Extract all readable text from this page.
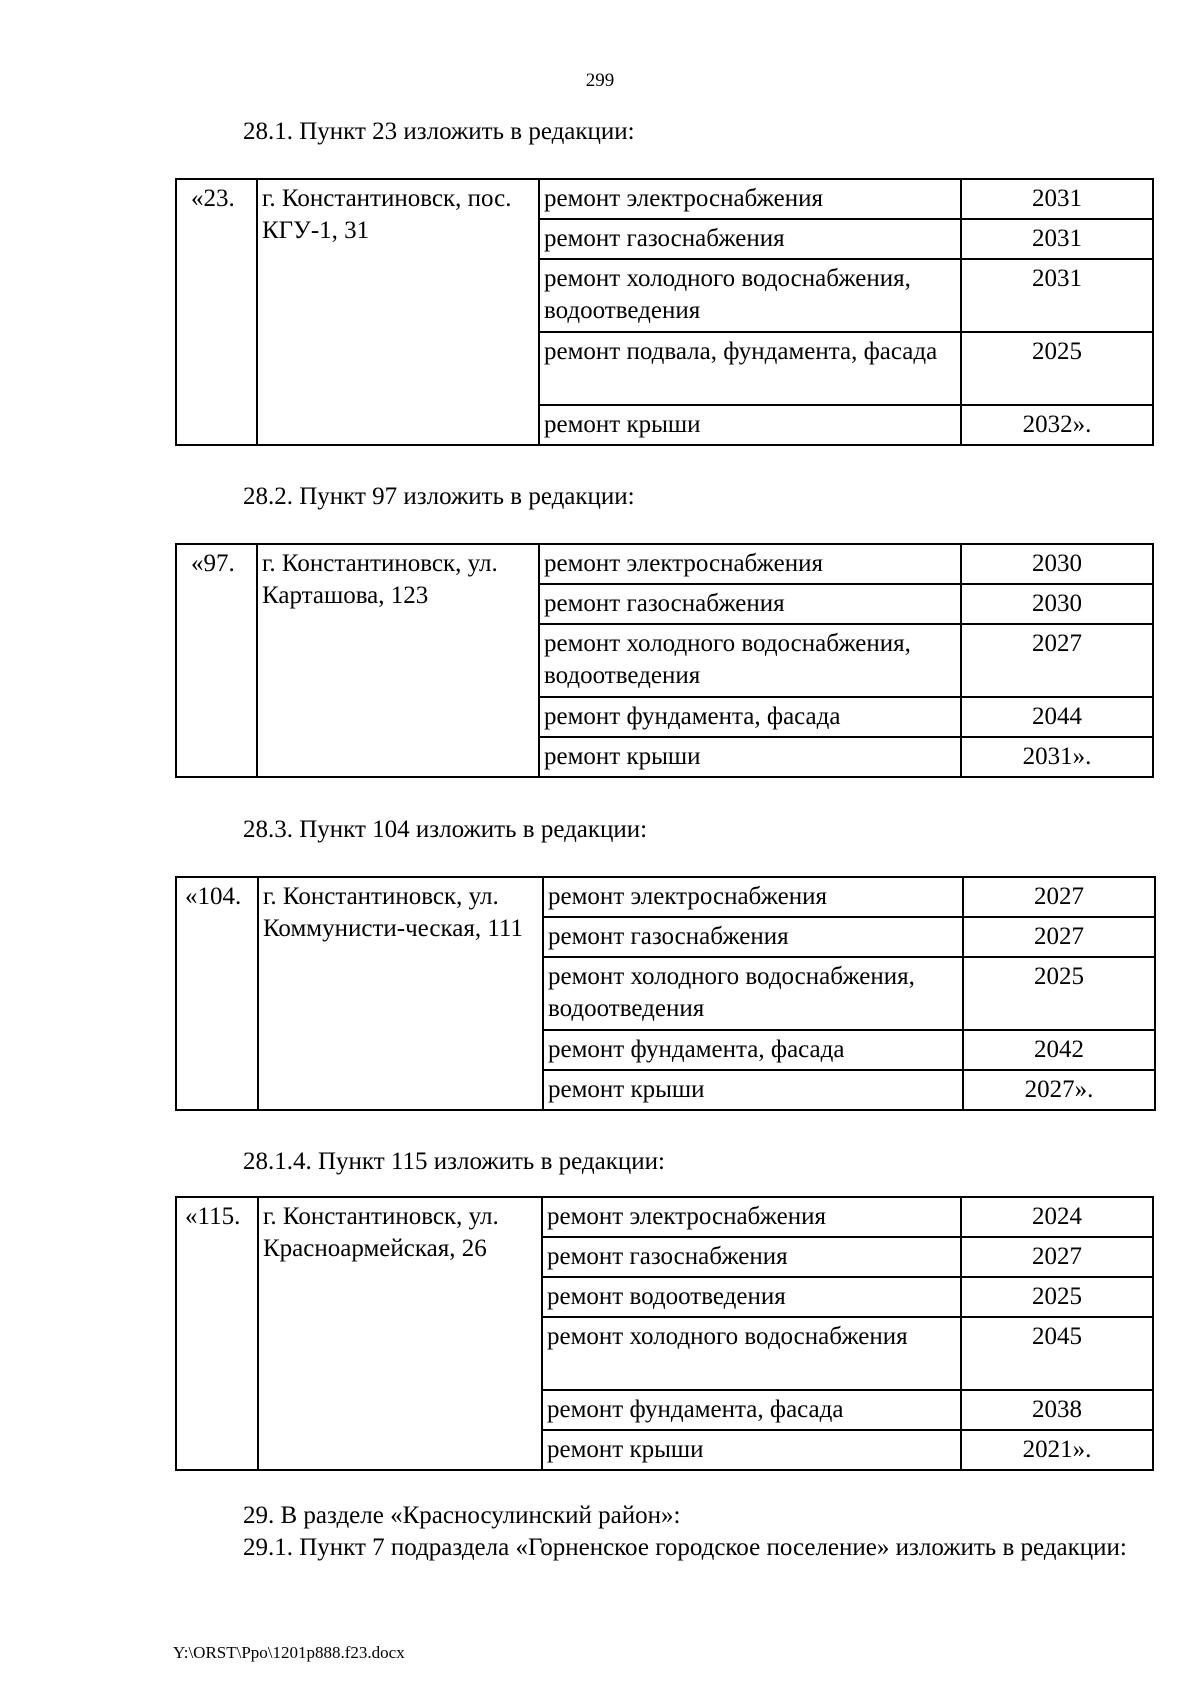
299
28.1. Пункт 23 изложить в редакции:
«23.	г. Константиновск, пос. КГУ-1, 31	ремонт электроснабжения	2031
		ремонт газоснабжения	2031
		ремонт холодного водоснабжения, водоотведения	2031
		ремонт подвала, фундамента, фасада	2025
		ремонт крыши	2032».
28.2. Пункт 97 изложить в редакции:
«97.	г. Константиновск, ул. Карташова, 123	ремонт электроснабжения	2030
		ремонт газоснабжения	2030
		ремонт холодного водоснабжения, водоотведения	2027
		ремонт фундамента, фасада	2044
		ремонт крыши	2031».
28.3. Пункт 104 изложить в редакции:
«104.	г. Константиновск, ул. Коммунисти-ческая, 111	ремонт электроснабжения	2027
		ремонт газоснабжения	2027
		ремонт холодного водоснабжения, водоотведения	2025
		ремонт фундамента, фасада	2042
		ремонт крыши	2027».
28.1.4. Пункт 115 изложить в редакции:
«115.	г. Константиновск, ул. Красноармейская, 26	ремонт электроснабжения	2024
		ремонт газоснабжения	2027
		ремонт водоотведения	2025
		ремонт холодного водоснабжения	2045
		ремонт фундамента, фасада	2038
		ремонт крыши	2021».
29. В разделе «Красносулинский район»:
29.1. Пункт 7 подраздела «Горненское городское поселение» изложить в редакции:
Y:\ORST\Ppo\1201p888.f23.docx
